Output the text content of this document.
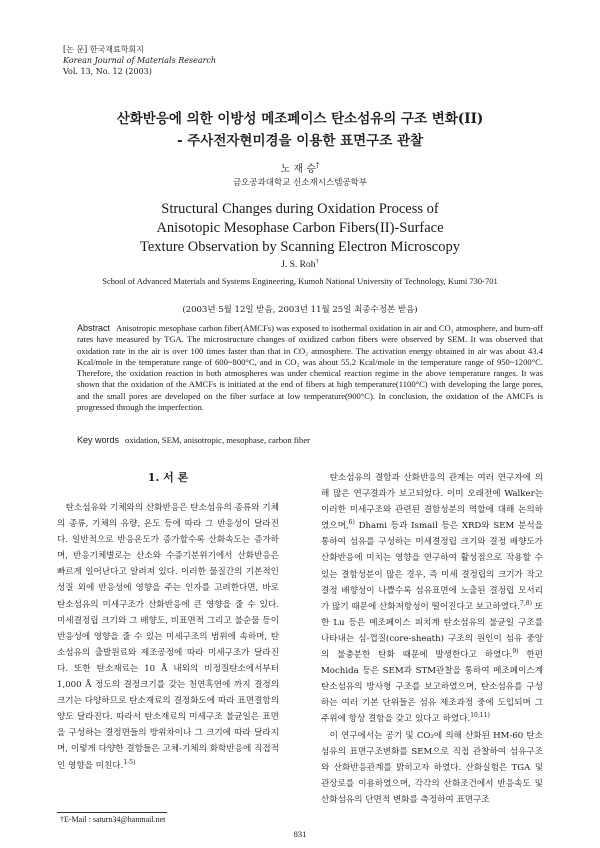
[논 문] 한국재료학회지
Korean Journal of Materials Research
Vol. 13, No. 12 (2003)
산화반응에 의한 이방성 메조페이스 탄소섬유의 구조 변화(II)
- 주사전자현미경을 이용한 표면구조 관찰
노 재 승†
금오공과대학교 신소재시스템공학부
Structural Changes during Oxidation Process of
Anisotopic Mesophase Carbon Fibers(II)-Surface
Texture Observation by Scanning Electron Microscopy
J. S. Roh†
School of Advanced Materials and Systems Engineering, Kumoh National University of Technology, Kumi 730-701
(2003년 5월 12일 받음, 2003년 11월 25일 최종수정본 받음)
Abstract Anisotropic mesophase carbon fiber(AMCFs) was exposed to isothermal oxidation in air and CO₂ atmosphere, and burn-off rates have measured by TGA. The microstructure changes of oxidized carbon fibers were observed by SEM. It was observed that oxidation rate in the air is over 100 times faster than that in CO₂ atmosphere. The activation energy obtained in air was about 43.4 Kcal/mole in the temperature range of 600~800°C, and in CO₂ was about 55.2 Kcal/mole in the temperature range of 950~1200°C. Therefore, the oxidation reaction in both atmospheres was under chemical reaction regime in the above temperature ranges. It was shown that the oxidation of the AMCFs is initiated at the end of fibers at high temperature(1100°C) with developing the large pores, and the small pores are developed on the fiber surface at low temperature(900°C). In conclusion, the oxidation of the AMCFs is progressed through the imperfection.
Key words oxidation, SEM, anisotropic, mesophase, carbon fiber
1. 서 론

탄소섬유와 기체와의 산화반응은 탄소섬유의 종류와 기체의 종류, 기체의 유량, 온도 등에 따라 그 반응성이 달라진다. 일반적으로 반응온도가 증가할수록 산화속도는 증가하며, 반응기체별로는 산소와 수증기분위기에서 산화반응은 빠르게 일어난다고 알려져 있다. 이러한 물질간의 기본적인 성질 외에 반응성에 영향을 주는 인자를 고려한다면, 바로 탄소섬유의 미세구조가 산화반응에 큰 영향을 줄 수 있다. 미세결정립 크기와 그 배향도, 비표면적 그리고 불순물 등이 반응성에 영향을 줄 수 있는 미세구조의 범위에 속하며, 탄소섬유의 출발원료와 제조공정에 따라 미세구조가 달라진다. 또한 탄소재료는 10 Å 내외의 비정질탄소에서부터 1,000 Å 정도의 결정크기를 갖는 천연흑연에 까지 결정의 크기는 다양하므로 탄소재료의 결정화도에 따라 표면결함의 양도 달라진다. 따라서 탄소재료의 미세구조 불균일은 표면을 구성하는 결정면들의 방위차이나 그 크기에 따라 달라지며, 이렇게 다양한 결함들은 고체-기체의 화학반응에 직접적인 영향을 미친다.$^{1-5)}$

탄소섬유의 결함과 산화반응의 관계는 여러 연구자에 의해 많은 연구결과가 보고되었다. 이미 오래전에 Walker는 이러한 미세구조와 관련된 결함성분의 역할에 대해 논의하였으며,$^{6)}$ Dhami 등과 Ismail 등은 XRD와 SEM 분석을 통하여 섬유를 구성하는 미세결정립 크기와 결정 배향도가 산화반응에 미치는 영향을 연구하여 활성점으로 작용할 수 있는 결함성분이 많은 경우, 즉 미세 결정립의 크기가 작고 결정 배향성이 나쁠수록 섬유표면에 노출된 결정립 모서리가 많기 때문에 산화저항성이 떨어진다고 보고하였다.$^{7,8)}$ 또한 Lu 등은 메조페이스 피치계 탄소섬유의 불균일 구조를 나타내는 심-껍질(core-sheath) 구조의 원인이 섬유 중앙의 불충분한 탄화 때문에 발생한다고 하였다.$^{9)}$ 한편 Mochida 등은 SEM과 STM관찰을 통하여 메조페이스계 탄소섬유의 방사형 구조를 보고하였으며, 탄소섬유를 구성하는 여러 기본 단위들은 섬유 제조과정 중에 도입되며 그 주위에 항상 결함을 갖고 있다고 하였다.$^{10,11)}$

이 연구에서는 공기 및 CO₂에 의해 산화된 HM-60 탄소섬유의 표면구조변화를 SEM으로 직접 관찰하여 섬유구조와 산화반응관계를 밝히고자 하였다. 산화실험은 TGA 및 관상로를 이용하였으며, 각각의 산화조건에서 반응속도 및 산화섬유의 단면적 변화를 측정하여 표면구조

†E-Mail : saturn34@hanmail.net
831
